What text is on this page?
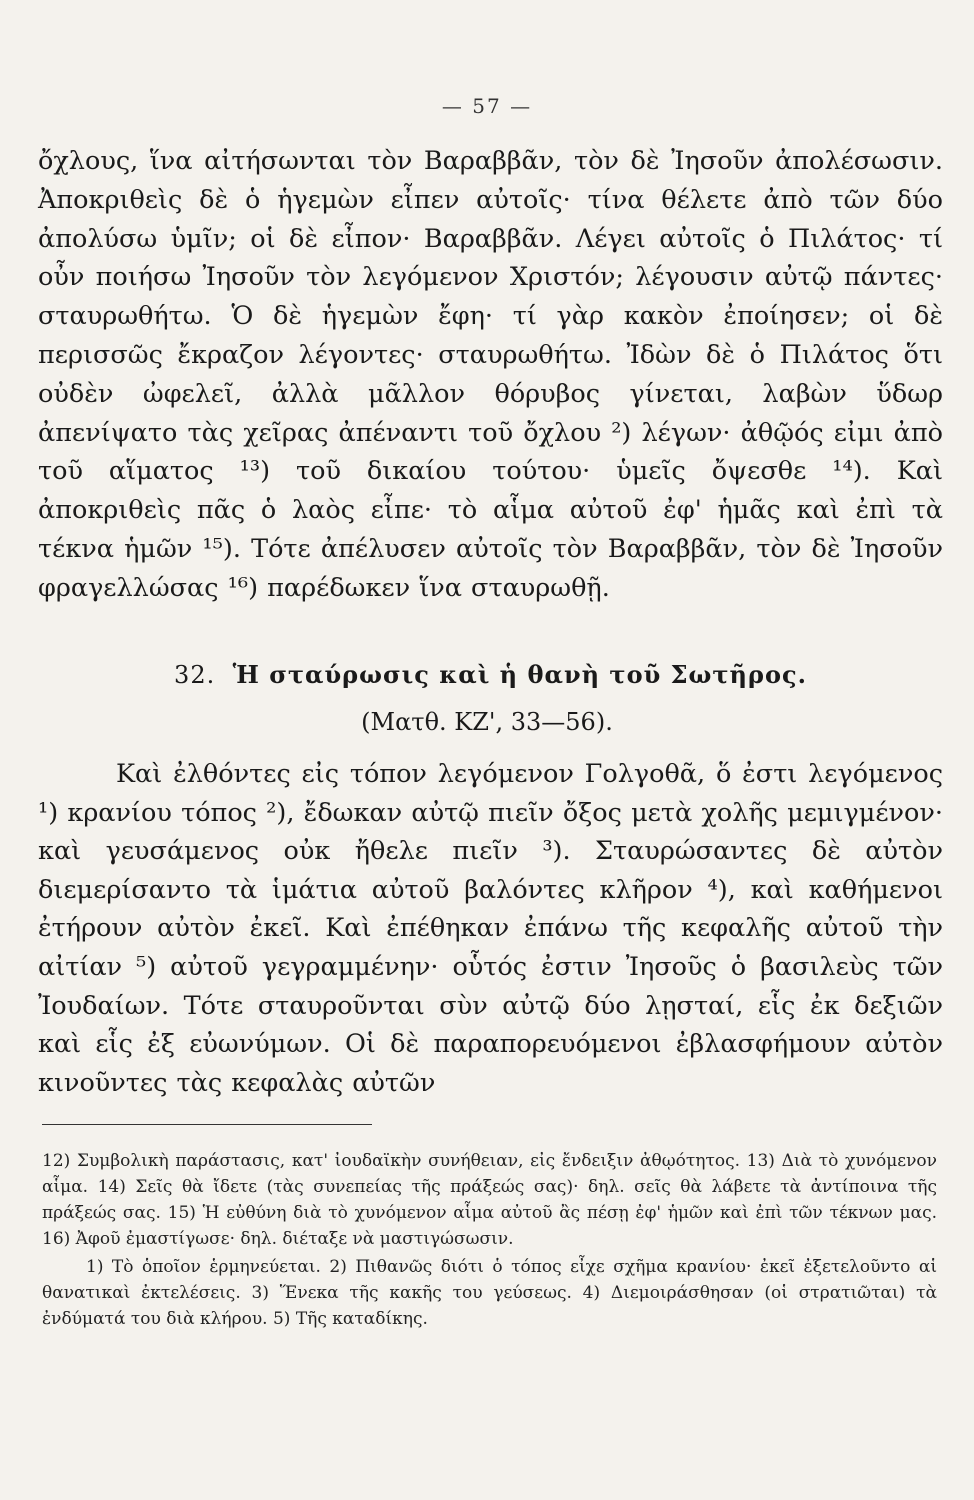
— 57 —

ὄχλους, ἵνα αἰτήσωνται τὸν Βαραββᾶν, τὸν δὲ Ἰησοῦν ἀπολέσωσιν. Ἀποκριθεὶς δὲ ὁ ἡγεμὼν εἶπεν αὐτοῖς· τίνα θέλετε ἀπὸ τῶν δύο ἀπολύσω ὑμῖν; οἱ δὲ εἶπον· Βαραββᾶν. Λέγει αὐτοῖς ὁ Πιλάτος· τί οὖν ποιήσω Ἰησοῦν τὸν λεγόμενον Χριστόν; λέγουσιν αὐτῷ πάντες· σταυρωθήτω. Ὁ δὲ ἡγεμὼν ἔφη· τί γὰρ κακὸν ἐποίησεν; οἱ δὲ περισσῶς ἔκραζον λέγοντες· σταυρωθήτω. Ἰδὼν δὲ ὁ Πιλάτος ὅτι οὐδὲν ὠφελεῖ, ἀλλὰ μᾶλλον θόρυβος γίνεται, λαβὼν ὕδωρ ἀπενίψατο τὰς χεῖρας ἀπέναντι τοῦ ὄχλου ²) λέγων· ἀθῷός εἰμι ἀπὸ τοῦ αἵματος ¹³) τοῦ δικαίου τούτου· ὑμεῖς ὄψεσθε ¹⁴). Καὶ ἀποκριθεὶς πᾶς ὁ λαὸς εἶπε· τὸ αἷμα αὐτοῦ ἐφ' ἡμᾶς καὶ ἐπὶ τὰ τέκνα ἡμῶν ¹⁵). Τότε ἀπέλυσεν αὐτοῖς τὸν Βαραββᾶν, τὸν δὲ Ἰησοῦν φραγελλώσας ¹⁶) παρέδωκεν ἵνα σταυρωθῇ.

32. Ἡ σταύρωσις καὶ ἡ θανὴ τοῦ Σωτῆρος.
(Ματθ. ΚΖ', 33—56).

Καὶ ἐλθόντες εἰς τόπον λεγόμενον Γολγοθᾶ, ὅ ἐστι λεγόμενος ¹) κρανίου τόπος ²), ἔδωκαν αὐτῷ πιεῖν ὄξος μετὰ χολῆς μεμιγμένον· καὶ γευσάμενος οὐκ ἤθελε πιεῖν ³). Σταυρώσαντες δὲ αὐτὸν διεμερίσαντο τὰ ἱμάτια αὐτοῦ βαλόντες κλῆρον ⁴), καὶ καθήμενοι ἐτήρουν αὐτὸν ἐκεῖ. Καὶ ἐπέθηκαν ἐπάνω τῆς κεφαλῆς αὐτοῦ τὴν αἰτίαν ⁵) αὐτοῦ γεγραμμένην· οὗτός ἐστιν Ἰησοῦς ὁ βασιλεὺς τῶν Ἰουδαίων. Τότε σταυροῦνται σὺν αὐτῷ δύο λῃσταί, εἷς ἐκ δεξιῶν καὶ εἷς ἐξ εὐωνύμων. Οἱ δὲ παραπορευόμενοι ἐβλασφήμουν αὐτὸν κινοῦντες τὰς κεφαλὰς αὐτῶν

12) Συμβολικὴ παράστασις, κατ' ἰουδαϊκὴν συνήθειαν, εἰς ἔνδειξιν ἀθῳότητος. 13) Διὰ τὸ χυνόμενον αἷμα. 14) Σεῖς θὰ ἴδετε (τὰς συνεπείας τῆς πράξεώς σας)· δηλ. σεῖς θὰ λάβετε τὰ ἀντίποινα τῆς πράξεώς σας. 15) Ἡ εὐθύνη διὰ τὸ χυνόμενον αἷμα αὐτοῦ ἂς πέσῃ ἐφ' ἡμῶν καὶ ἐπὶ τῶν τέκνων μας. 16) Ἀφοῦ ἐμαστίγωσε· δηλ. διέταξε νὰ μαστιγώσωσιν.

1) Τὸ ὁποῖον ἑρμηνεύεται. 2) Πιθανῶς διότι ὁ τόπος εἶχε σχῆμα κρανίου· ἐκεῖ ἐξετελοῦντο αἱ θανατικαὶ ἐκτελέσεις. 3) Ἕνεκα τῆς κακῆς του γεύσεως. 4) Διεμοιράσθησαν (οἱ στρατιῶται) τὰ ἐνδύματά του διὰ κλήρου. 5) Τῆς καταδίκης.
